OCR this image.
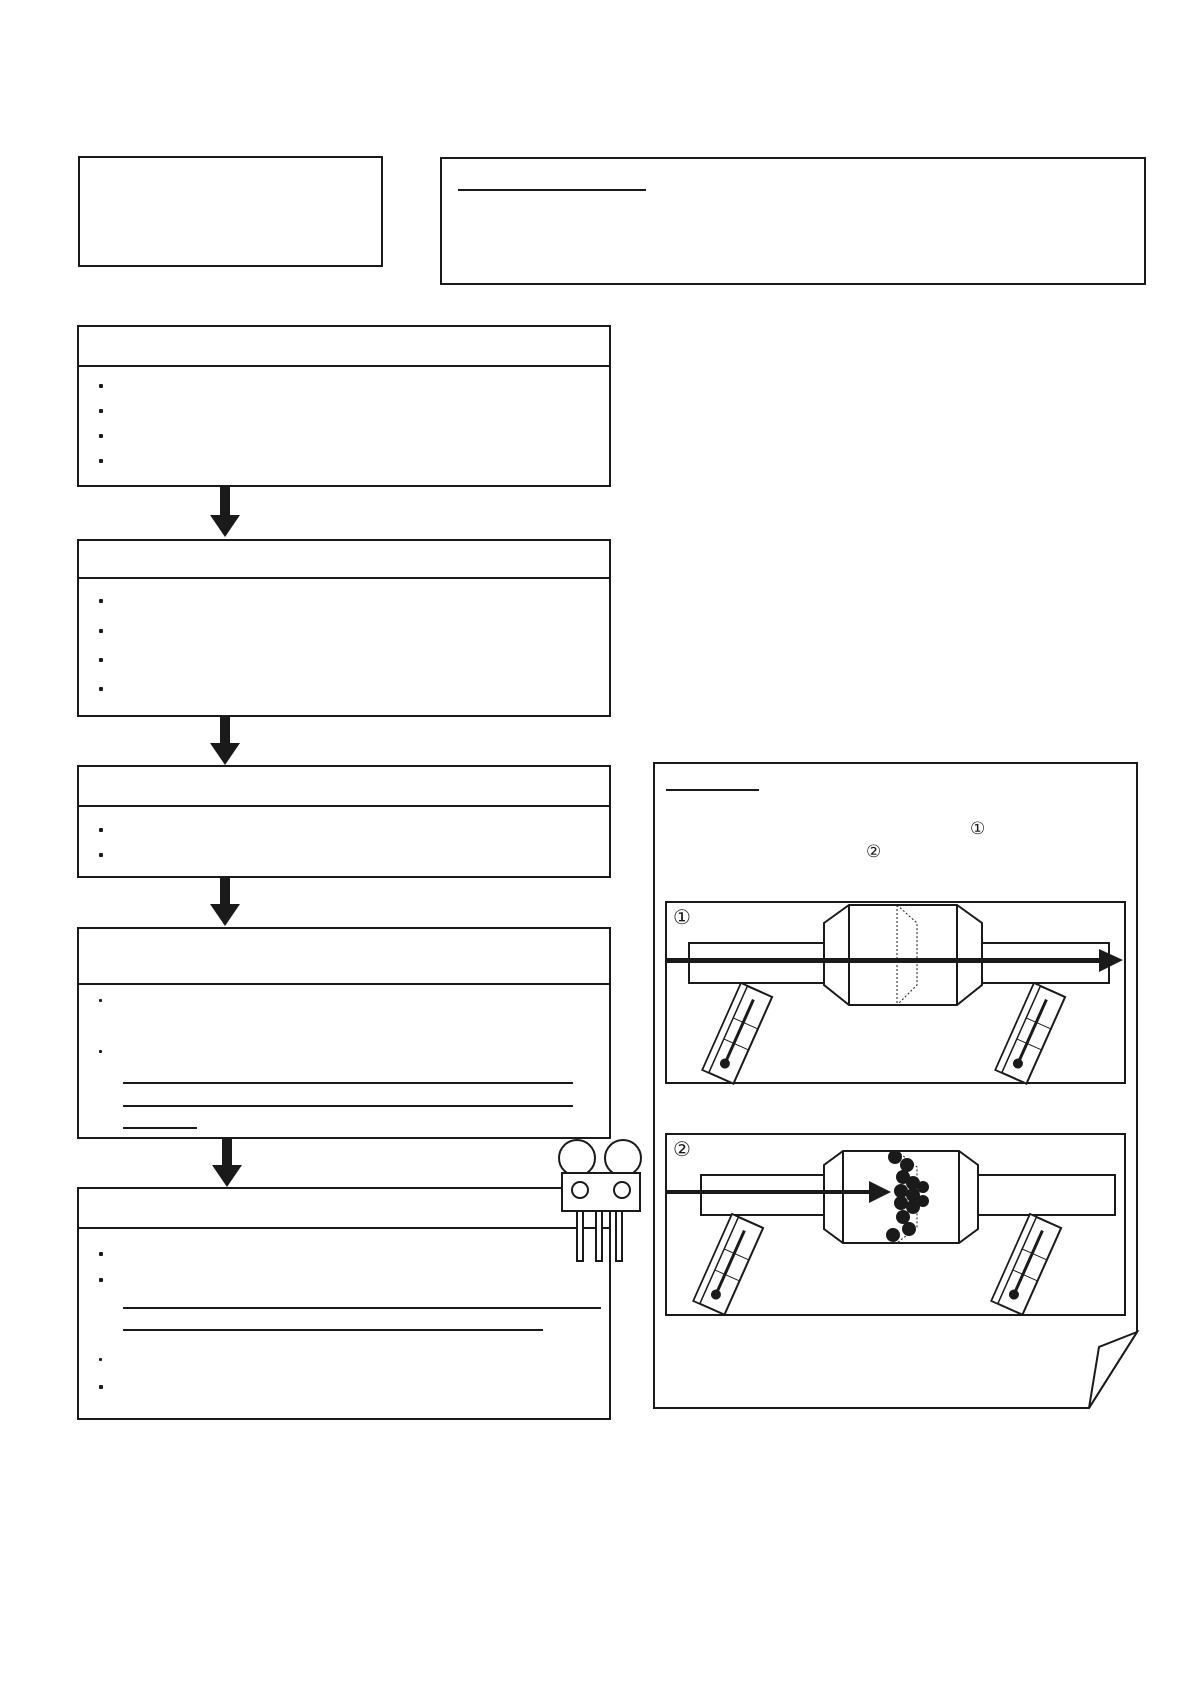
①
②
①
②
